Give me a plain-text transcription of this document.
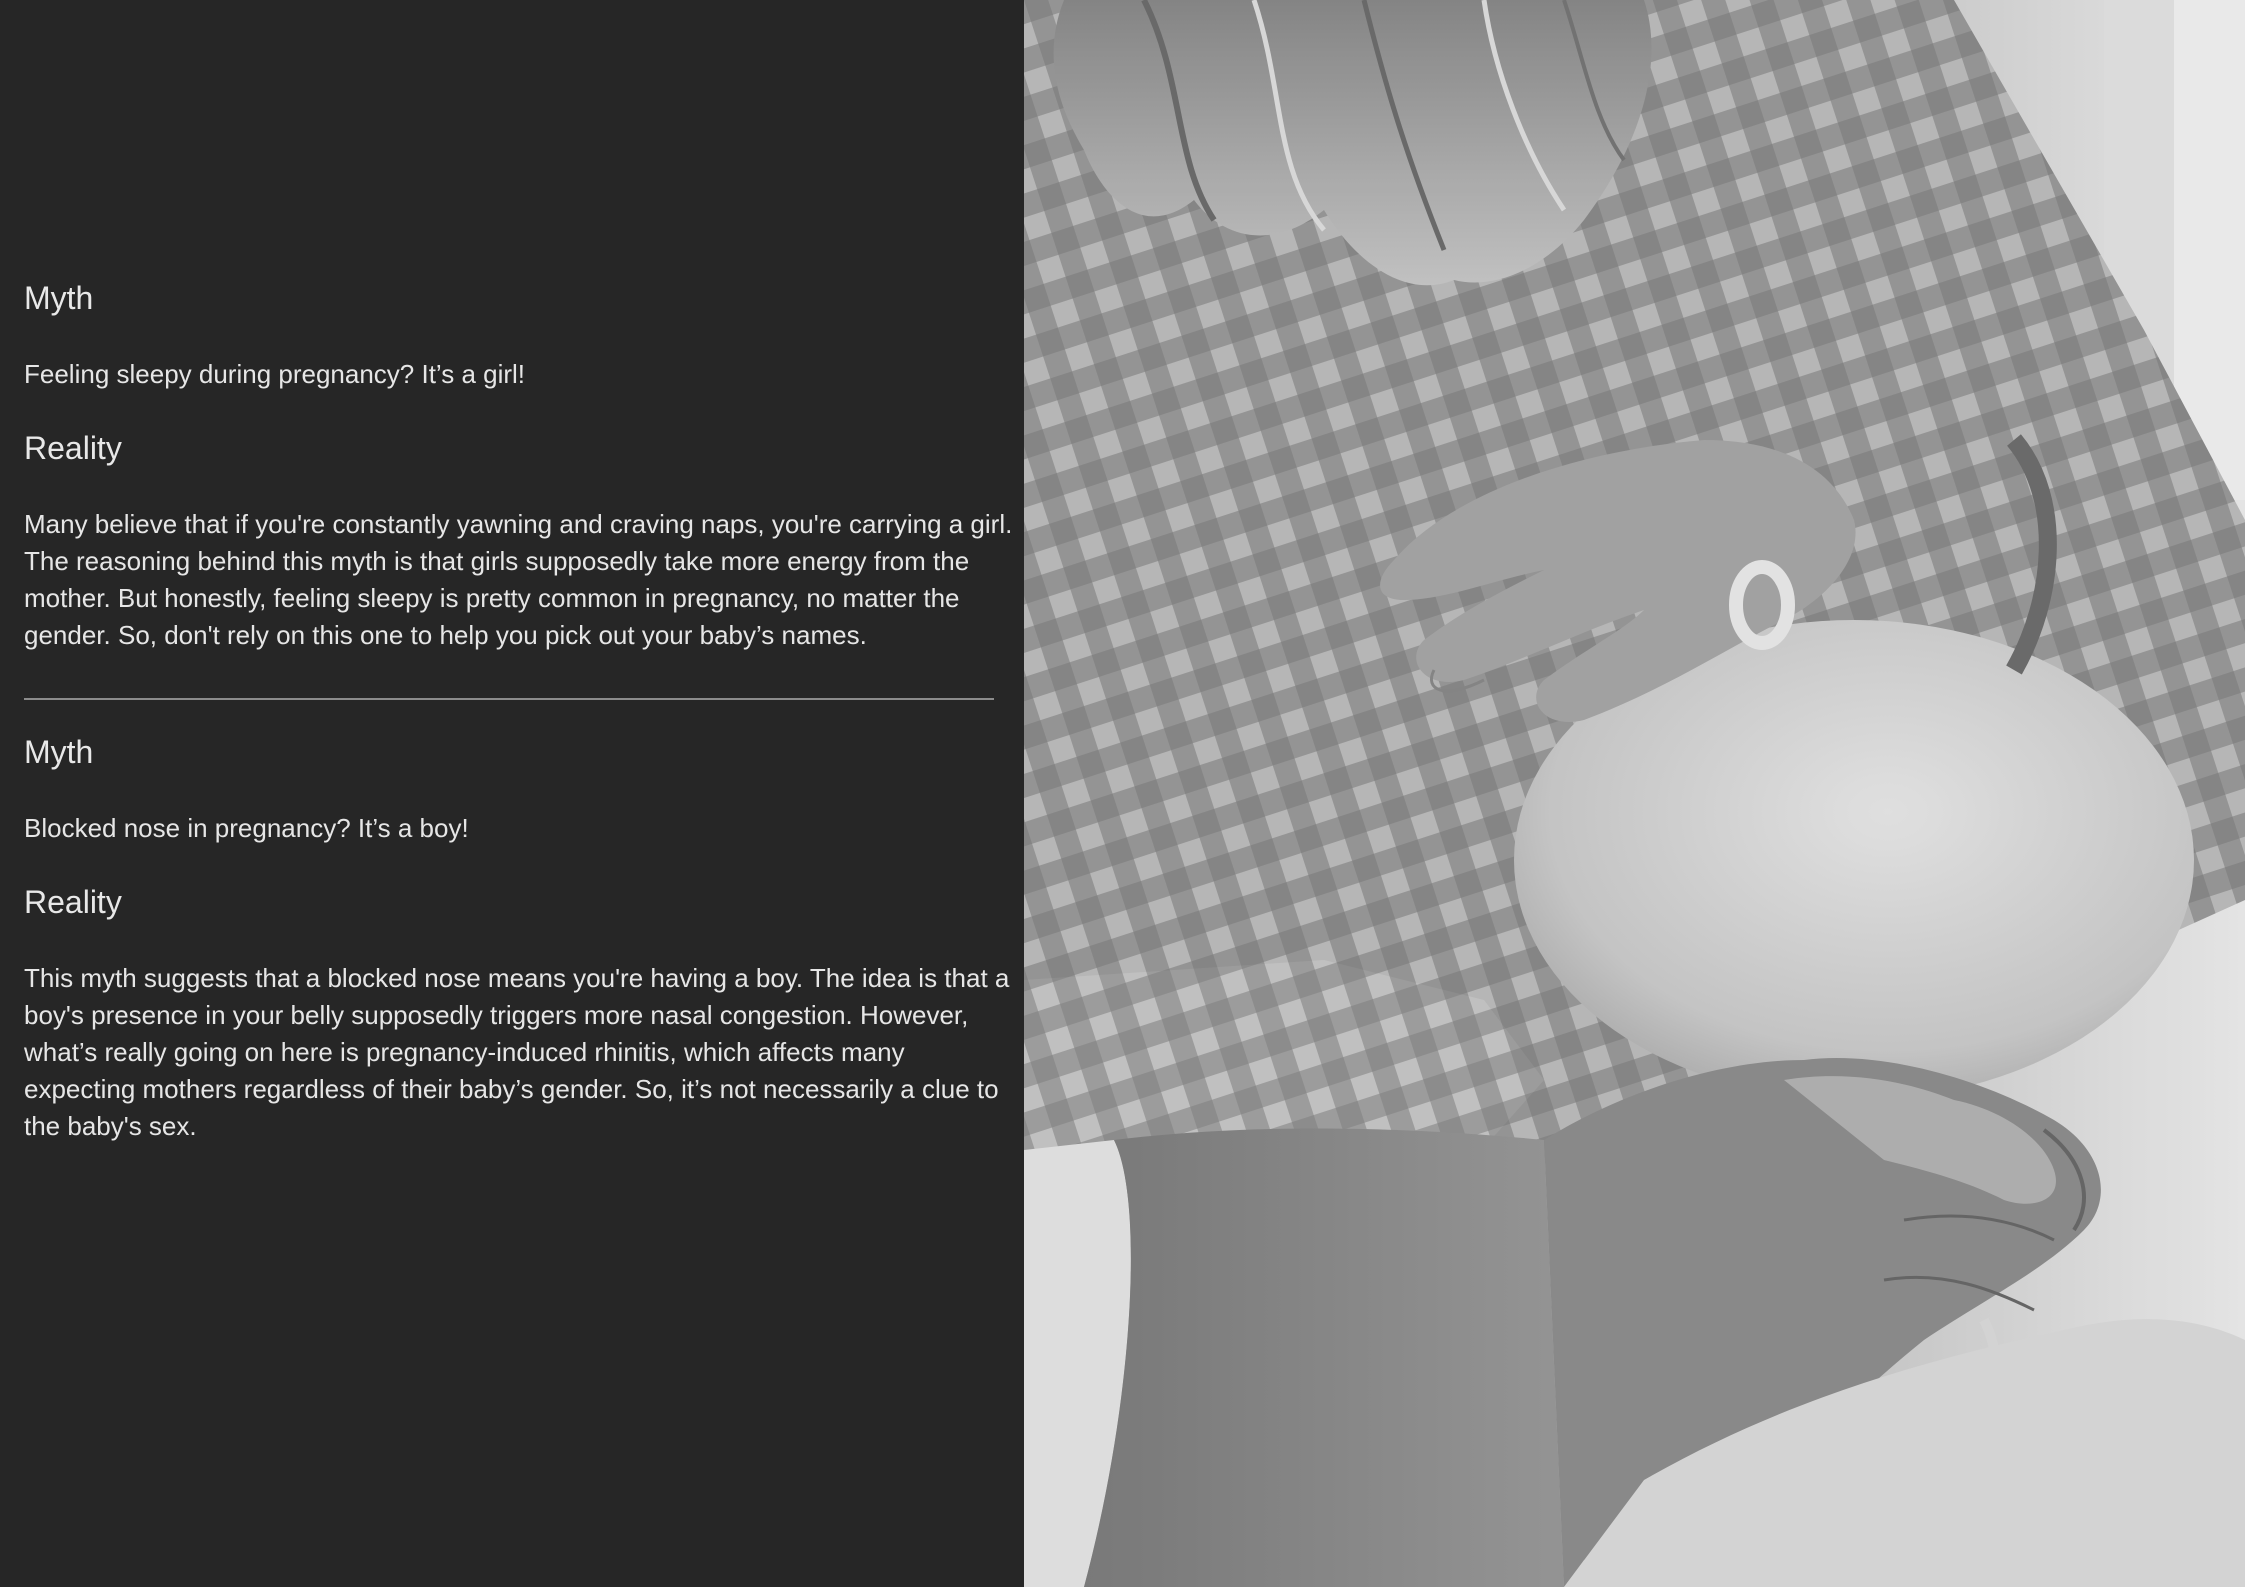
Myth

Feeling sleepy during pregnancy? It’s a girl!

Reality

Many believe that if you're constantly yawning and craving naps, you're carrying a girl. The reasoning behind this myth is that girls supposedly take more energy from the mother. But honestly, feeling sleepy is pretty common in pregnancy, no matter the gender. So, don't rely on this one to help you pick out your baby’s names.

Myth

Blocked nose in pregnancy? It’s a boy!

Reality

This myth suggests that a blocked nose means you're having a boy. The idea is that a boy's presence in your belly supposedly triggers more nasal congestion. However, what’s really going on here is pregnancy-induced rhinitis, which affects many expecting mothers regardless of their baby’s gender. So, it’s not necessarily a clue to the baby's sex.
